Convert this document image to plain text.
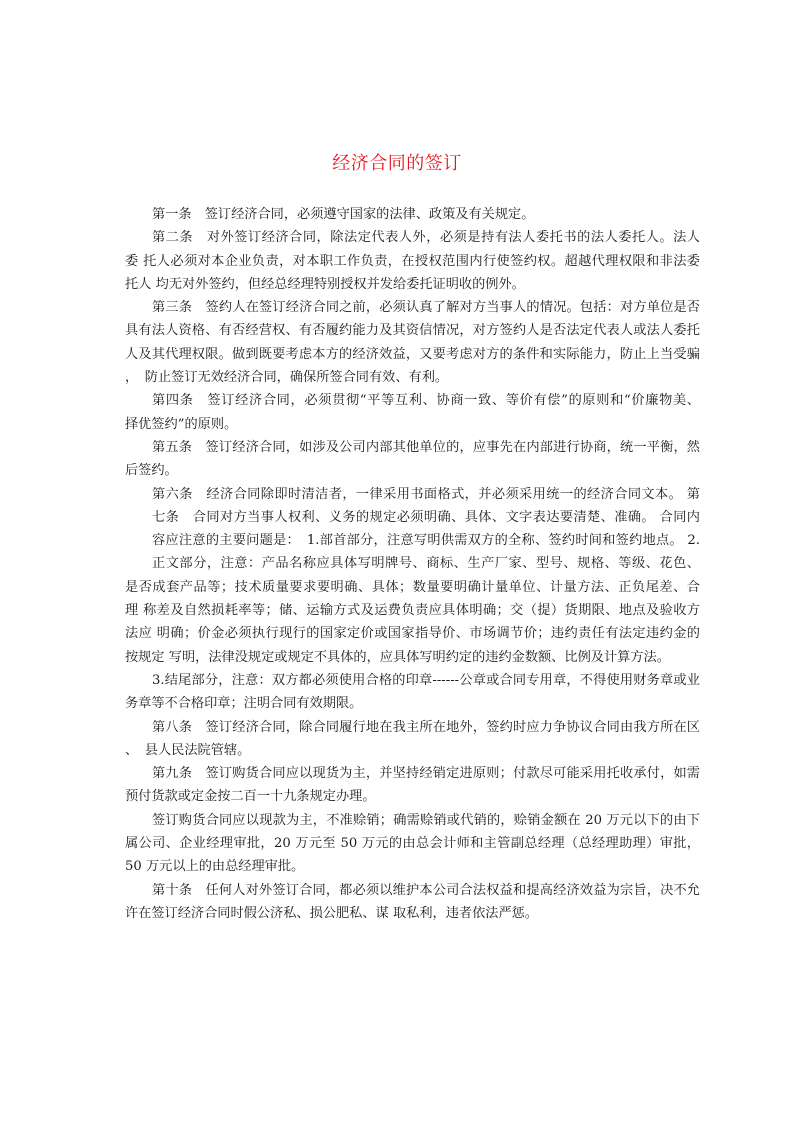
经济合同的签订
第一条　签订经济合同，必须遵守国家的法律、政策及有关规定。
第二条　对外签订经济合同，除法定代表人外，必须是持有法人委托书的法人委托人。法人
委 托人必须对本企业负责，对本职工作负责，在授权范围内行使签约权。超越代理权限和非法委
托人 均无对外签约，但经总经理特别授权并发给委托证明收的例外。
第三条　签约人在签订经济合同之前，必须认真了解对方当事人的情况。包括：对方单位是否
具有法人资格、有否经营权、有否履约能力及其资信情况，对方签约人是否法定代表人或法人委托
人及其代理权限。做到既要考虑本方的经济效益，又要考虑对方的条件和实际能力，防止上当受骗
，　防止签订无效经济合同，确保所签合同有效、有利。
第四条　签订经济合同，必须贯彻“平等互利、协商一致、等价有偿”的原则和“价廉物美、
择优签约”的原则。
第五条　签订经济合同，如涉及公司内部其他单位的，应事先在内部进行协商，统一平衡，然
后签约。
第六条　经济合同除即时清洁者，一律采用书面格式，并必须采用统一的经济合同文本。 第
七条　合同对方当事人权利、义务的规定必须明确、具体、文字表达要清楚、准确。 合同内
容应注意的主要问题是：　1.部首部分，注意写明供需双方的全称、签约时间和签约地点。 2.
正文部分，注意：产品名称应具体写明牌号、商标、生产厂家、型号、规格、等级、花色、
是否成套产品等；技术质量要求要明确、具体；数量要明确计量单位、计量方法、正负尾差、合
理 称差及自然损耗率等；储、运输方式及运费负责应具体明确；交（提）货期限、地点及验收方
法应 明确；价金必须执行现行的国家定价或国家指导价、市场调节价；违约责任有法定违约金的
按规定 写明，法律没规定或规定不具体的，应具体写明约定的违约金数额、比例及计算方法。
3.结尾部分，注意：双方都必须使用合格的印章------公章或合同专用章，不得使用财务章或业
务章等不合格印章；注明合同有效期限。
第八条　签订经济合同，除合同履行地在我主所在地外，签约时应力争协议合同由我方所在区
、　县人民法院管辖。
第九条　签订购货合同应以现货为主，并坚持经销定进原则；付款尽可能采用托收承付，如需
预付货款或定金按二百一十九条规定办理。
签订购货合同应以现款为主，不准赊销；确需赊销或代销的，赊销金额在 20 万元以下的由下
属公司、企业经理审批，20 万元至 50 万元的由总会计师和主管副总经理（总经理助理）审批，
50 万元以上的由总经理审批。
第十条　任何人对外签订合同，都必须以维护本公司合法权益和提高经济效益为宗旨，决不允
许在签订经济合同时假公济私、损公肥私、谋 取私利，违者依法严惩。
